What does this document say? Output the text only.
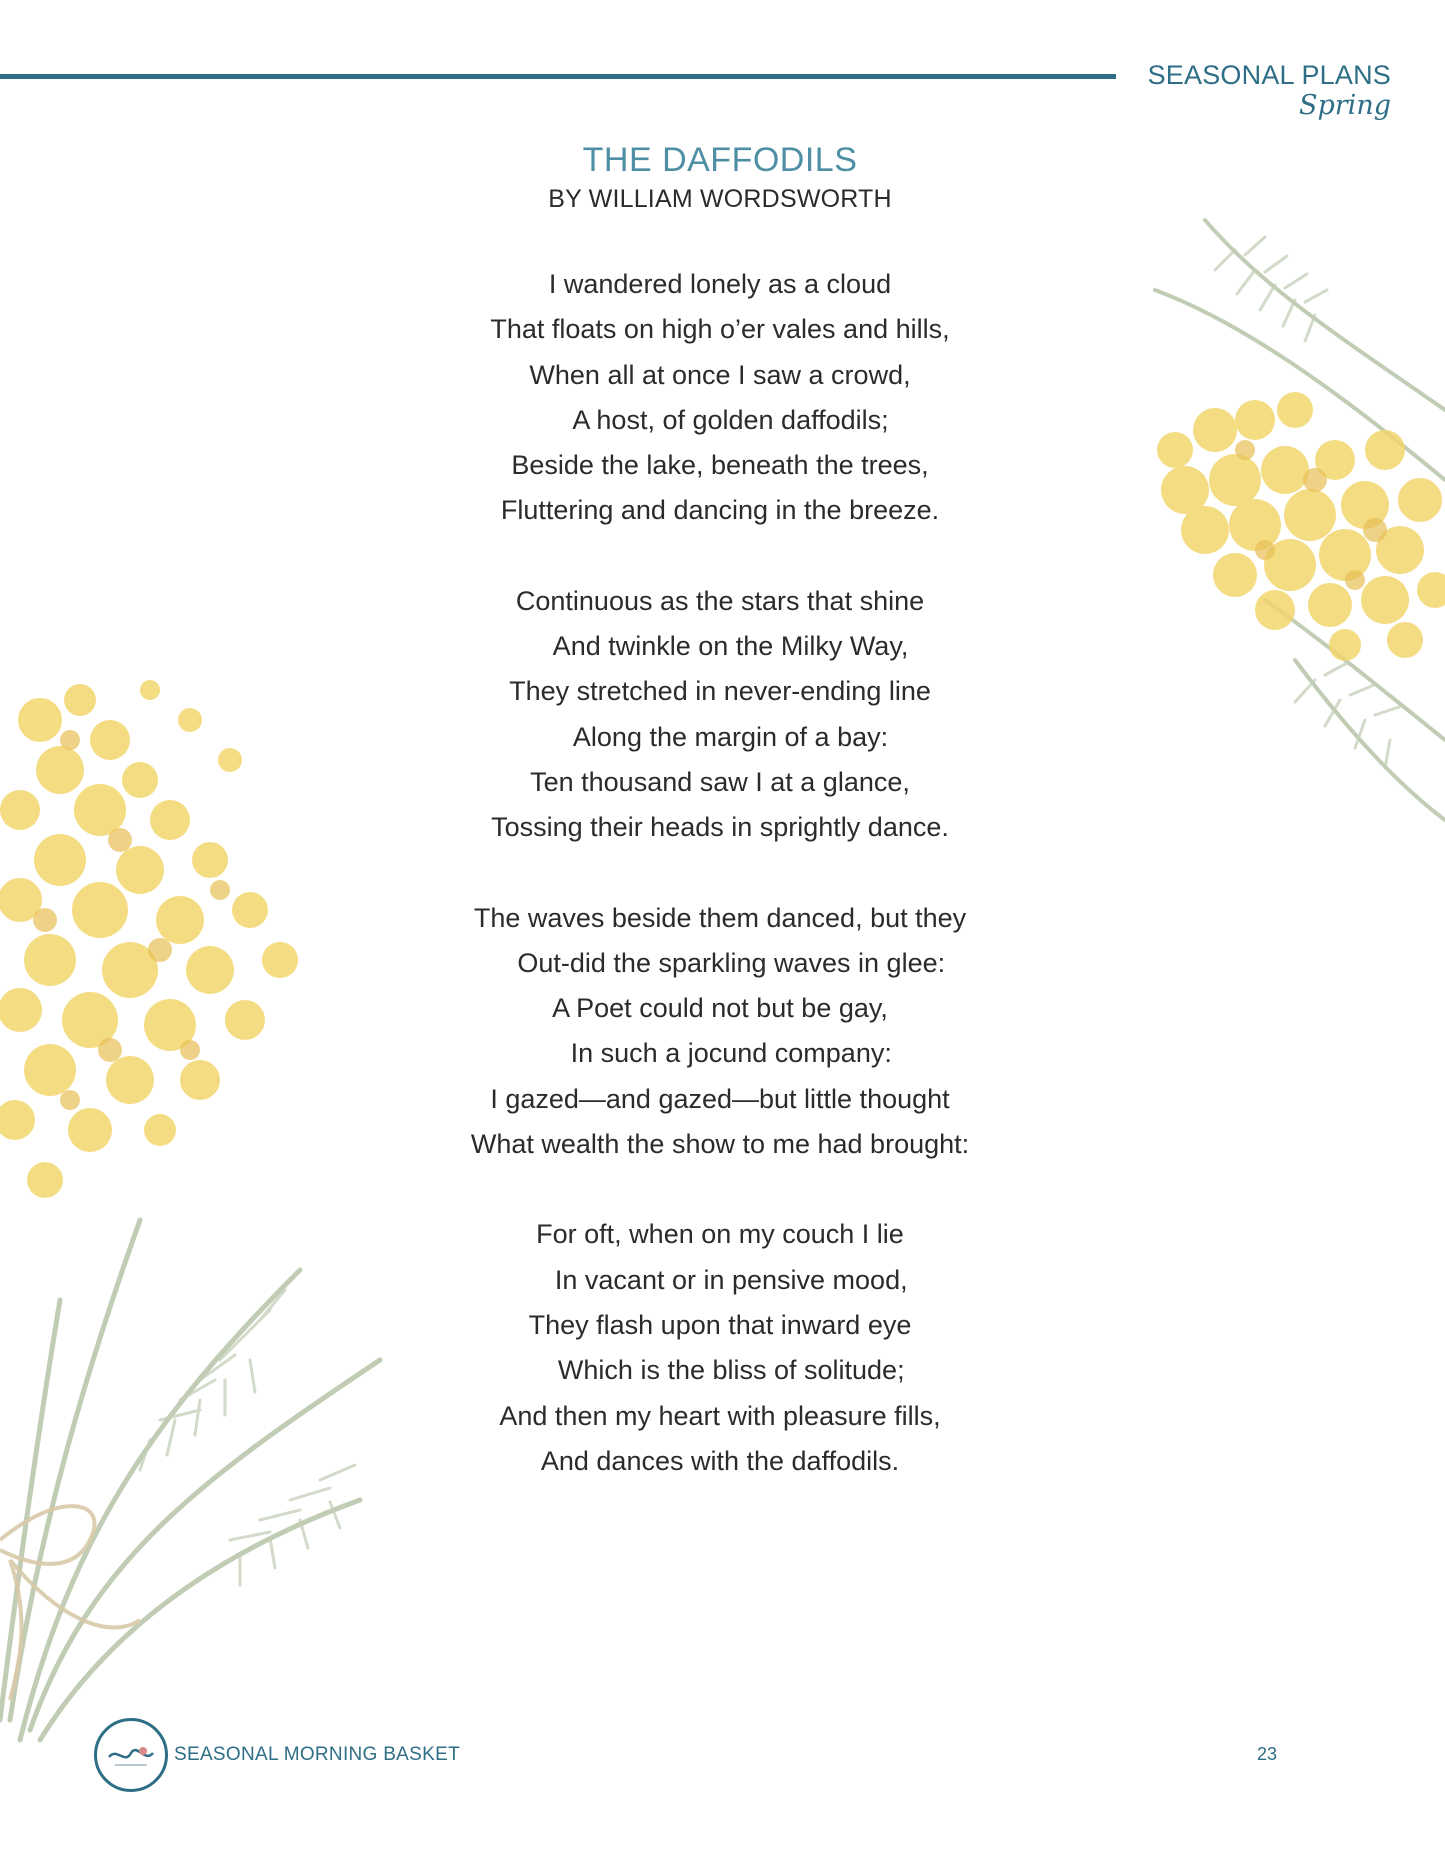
SEASONAL PLANS
Spring
THE DAFFODILS
BY WILLIAM WORDSWORTH
I wandered lonely as a cloud
That floats on high o’er vales and hills,
When all at once I saw a crowd,
A host, of golden daffodils;
Beside the lake, beneath the trees,
Fluttering and dancing in the breeze.
Continuous as the stars that shine
And twinkle on the Milky Way,
They stretched in never-ending line
Along the margin of a bay:
Ten thousand saw I at a glance,
Tossing their heads in sprightly dance.
The waves beside them danced, but they
Out-did the sparkling waves in glee:
A Poet could not but be gay,
In such a jocund company:
I gazed—and gazed—but little thought
What wealth the show to me had brought:
For oft, when on my couch I lie
In vacant or in pensive mood,
They flash upon that inward eye
Which is the bliss of solitude;
And then my heart with pleasure fills,
And dances with the daffodils.
SEASONAL MORNING BASKET	23
